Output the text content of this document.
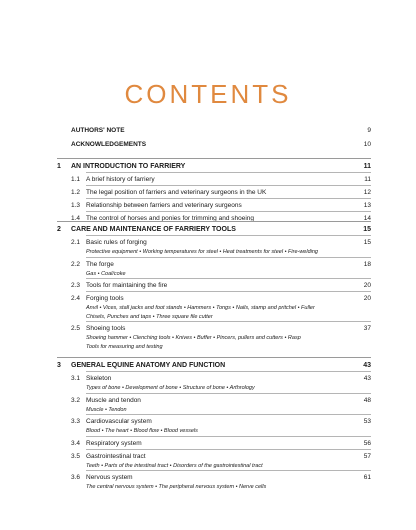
CONTENTS
AUTHORS' NOTE	9
ACKNOWLEDGEMENTS	10
1 AN INTRODUCTION TO FARRIERY	11
1.1 A brief history of farriery	11
1.2 The legal position of farriers and veterinary surgeons in the UK	12
1.3 Relationship between farriers and veterinary surgeons	13
1.4 The control of horses and ponies for trimming and shoeing	14
2 CARE AND MAINTENANCE OF FARRIERY TOOLS	15
2.1 Basic rules of forging	15
Protective equipment • Working temperatures for steel • Heat treatments for steel • Fire-welding
2.2 The forge	18
Gas • Coal/coke
2.3 Tools for maintaining the fire	20
2.4 Forging tools	20
Anvil • Vices, stall jacks and foot stands • Hammers • Tongs • Nails, stamp and pritchel • Fuller
Chisels, Punches and taps • Three square file cutter
2.5 Shoeing tools	37
Shoeing hammer • Clenching tools • Knives • Buffer • Pincers, pullers and cutters • Rasp
Tools for measuring and testing
3 GENERAL EQUINE ANATOMY AND FUNCTION	43
3.1 Skeleton	43
Types of bone • Development of bone • Structure of bone • Arthrology
3.2 Muscle and tendon	48
Muscle • Tendon
3.3 Cardiovascular system	53
Blood • The heart • Blood flow • Blood vessels
3.4 Respiratory system	56
3.5 Gastrointestinal tract	57
Teeth • Parts of the intestinal tract • Disorders of the gastrointestinal tract
3.6 Nervous system	61
The central nervous system • The peripheral nervous system • Nerve cells
